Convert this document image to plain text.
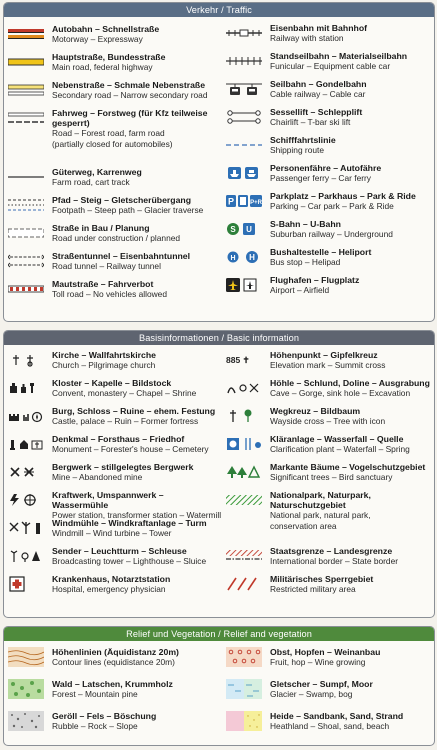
Verkehr / Traffic
Autobahn – Schnellstraße
Motorway – Expressway
Hauptstraße, Bundesstraße
Main road, federal highway
Nebenstraße – Schmale Nebenstraße
Secondary road – Narrow secondary road
Fahrweg – Forstweg (für Kfz teilweise
gesperrt)
Road – Forest road, farm road
(partially closed for automobiles)
Güterweg, Karrenweg
Farm road, cart track
Pfad – Steig – Gletscherübergang
Footpath – Steep path – Glacier traverse
Straße in Bau / Planung
Road under construction / planned
Straßentunnel – Eisenbahntunnel
Road tunnel – Railway tunnel
Mautstraße – Fahrverbot
Toll road – No vehicles allowed
Eisenbahn mit Bahnhof
Railway with station
Standseilbahn – Materialseilbahn
Funicular – Equipment cable car
Seilbahn – Gondelbahn
Cable railway – Cable car
Sessellift – Schlepplift
Chairlift – T-bar ski lift
Schifffahrtslinie
Shipping route
Personenfähre – Autofähre
Passenger ferry – Car ferry
P	P+R
Parkplatz – Parkhaus – Park & Ride
Parking – Car park – Park & Ride
S U
S-Bahn – U-Bahn
Suburban railway – Underground
H H
Bushaltestelle – Heliport
Bus stop – Helipad
Flughafen – Flugplatz
Airport – Airfield
Basisinformationen / Basic information
Kirche – Wallfahrtskirche
Church – Pilgrimage church
Kloster – Kapelle – Bildstock
Convent, monastery – Chapel – Shrine
Burg, Schloss – Ruine – ehem. Festung
Castle, palace – Ruin – Former fortress
Denkmal – Forsthaus – Friedhof
Monument – Forester's house – Cemetery
Bergwerk – stillgelegtes Bergwerk
Mine – Abandoned mine
Kraftwerk, Umspannwerk – Wassermühle
Power station, transformer station – Watermill
Windmühle – Windkraftanlage – Turm
Windmill – Wind turbine – Tower
Sender – Leuchtturm – Schleuse
Broadcasting tower – Lighthouse – Sluice
Krankenhaus, Notarztstation
Hospital, emergency physician
885 ✝	Höhenpunkt – Gipfelkreuz
Elevation mark – Summit cross
Höhle – Schlund, Doline – Ausgrabung
Cave – Gorge, sink hole – Excavation
Wegkreuz – Bildbaum
Wayside cross – Tree with icon
Kläranlage – Wasserfall – Quelle
Clarification plant – Waterfall – Spring
Markante Bäume – Vogelschutzgebiet
Significant trees – Bird sanctuary
Nationalpark, Naturpark,
Naturschutzgebiet
National park, natural park,
conservation area
Staatsgrenze – Landesgrenze
International border – State border
Militärisches Sperrgebiet
Restricted military area
Relief und Vegetation / Relief and vegetation
Höhenlinien (Äquidistanz 20m)
Contour lines (equidistance 20m)
Wald – Latschen, Krummholz
Forest – Mountain pine
Geröll – Fels – Böschung
Rubble – Rock – Slope
Obst, Hopfen – Weinanbau
Fruit, hop – Wine growing
Gletscher – Sumpf, Moor
Glacier – Swamp, bog
Heide – Sandbank, Sand, Strand
Heathland – Shoal, sand, beach
